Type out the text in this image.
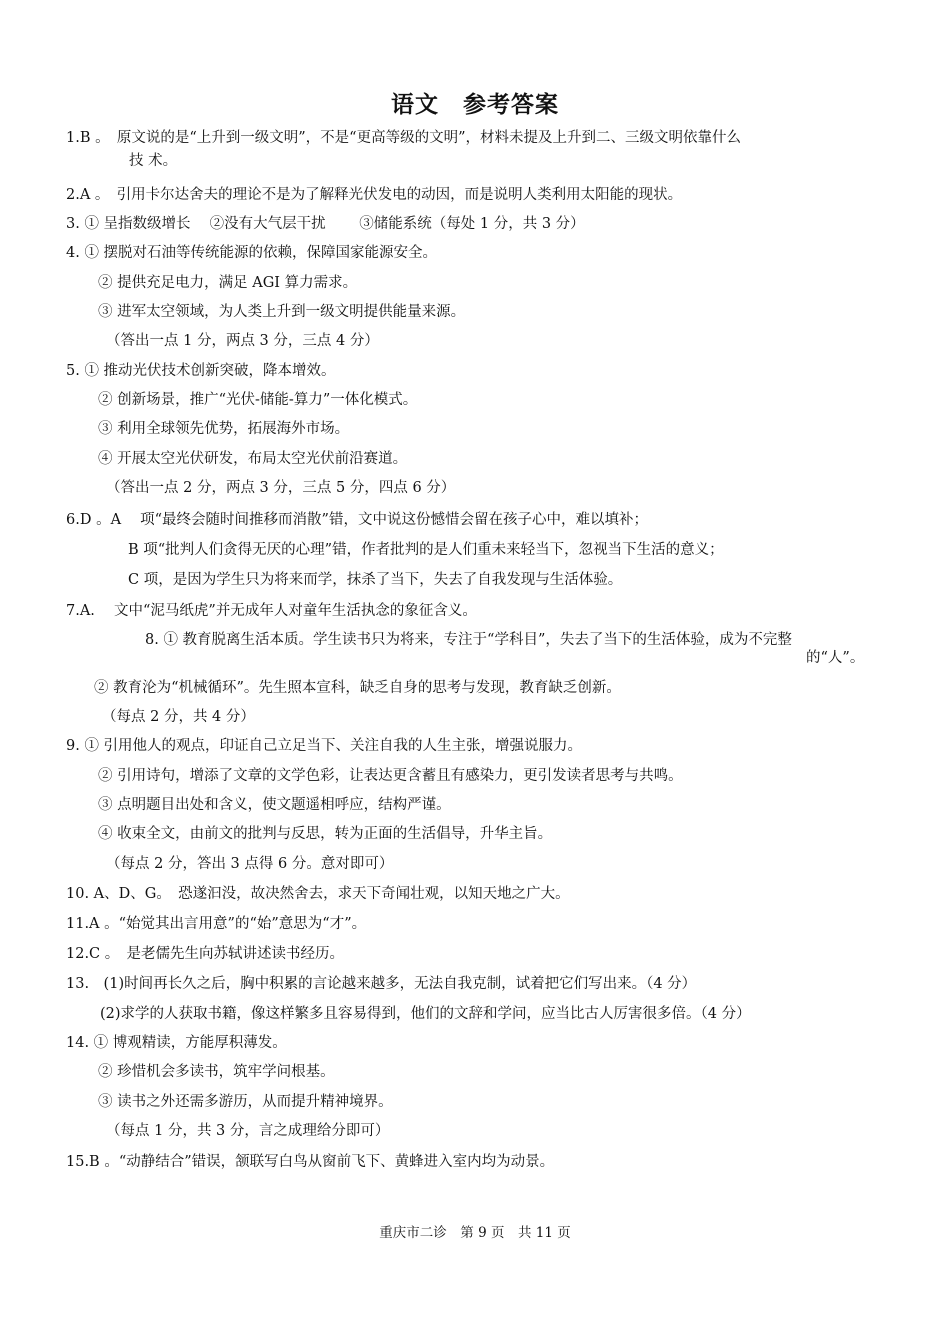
语文　参考答案
1.B 。　原文说的是“上升到一级文明”，不是“更高等级的文明”，材料未提及上升到二、三级文明依靠什么
技 术。
2.A 。　引用卡尔达舍夫的理论不是为了解释光伏发电的动因，而是说明人类利用太阳能的现状。
3. ① 呈指数级增长　 ②没有大气层干扰　　 ③储能系统（每处 1 分，共 3 分）
4. ① 摆脱对石油等传统能源的依赖，保障国家能源安全。
② 提供充足电力，满足 AGI 算力需求。
③ 进军太空领域，为人类上升到一级文明提供能量来源。
（答出一点 1 分，两点 3 分，三点 4 分）
5. ① 推动光伏技术创新突破，降本增效。
② 创新场景，推广“光伏-储能-算力”一体化模式。
③ 利用全球领先优势，拓展海外市场。
④ 开展太空光伏研发，布局太空光伏前沿赛道。
（答出一点 2 分，两点 3 分，三点 5 分，四点 6 分）
6.D 。A　 项“最终会随时间推移而消散”错，文中说这份憾惜会留在孩子心中，难以填补；
B 项“批判人们贪得无厌的心理”错，作者批判的是人们重未来轻当下，忽视当下生活的意义；
C 项，是因为学生只为将来而学，抹杀了当下，失去了自我发现与生活体验。
7.A.　 文中“泥马纸虎”并无成年人对童年生活执念的象征含义。
8. ① 教育脱离生活本质。学生读书只为将来，专注于“学科目”，失去了当下的生活体验，成为不完整
的“人”。
② 教育沦为“机械循环”。先生照本宣科，缺乏自身的思考与发现，教育缺乏创新。
（每点 2 分，共 4 分）
9. ① 引用他人的观点，印证自己立足当下、关注自我的人生主张，增强说服力。
② 引用诗句，增添了文章的文学色彩，让表达更含蓄且有感染力，更引发读者思考与共鸣。
③ 点明题目出处和含义，使文题遥相呼应，结构严谨。
④ 收束全文，由前文的批判与反思，转为正面的生活倡导，升华主旨。
（每点 2 分，答出 3 点得 6 分。意对即可）
10. A、D、G。　恐遂汩没，故决然舍去，求天下奇闻壮观，以知天地之广大。
11.A 。“始觉其出言用意”的“始”意思为“才”。
12.C 。　是老儒先生向苏轼讲述读书经历。
13.　(1)时间再长久之后，胸中积累的言论越来越多，无法自我克制，试着把它们写出来。（4 分）
(2)求学的人获取书籍，像这样繁多且容易得到，他们的文辞和学问，应当比古人厉害很多倍。（4 分）
14. ① 博观精读，方能厚积薄发。
② 珍惜机会多读书，筑牢学问根基。
③ 读书之外还需多游历，从而提升精神境界。
（每点 1 分，共 3 分，言之成理给分即可）
15.B 。“动静结合”错误，颔联写白鸟从窗前飞下、黄蜂进入室内均为动景。
重庆市二诊　第 9 页　共 11 页
